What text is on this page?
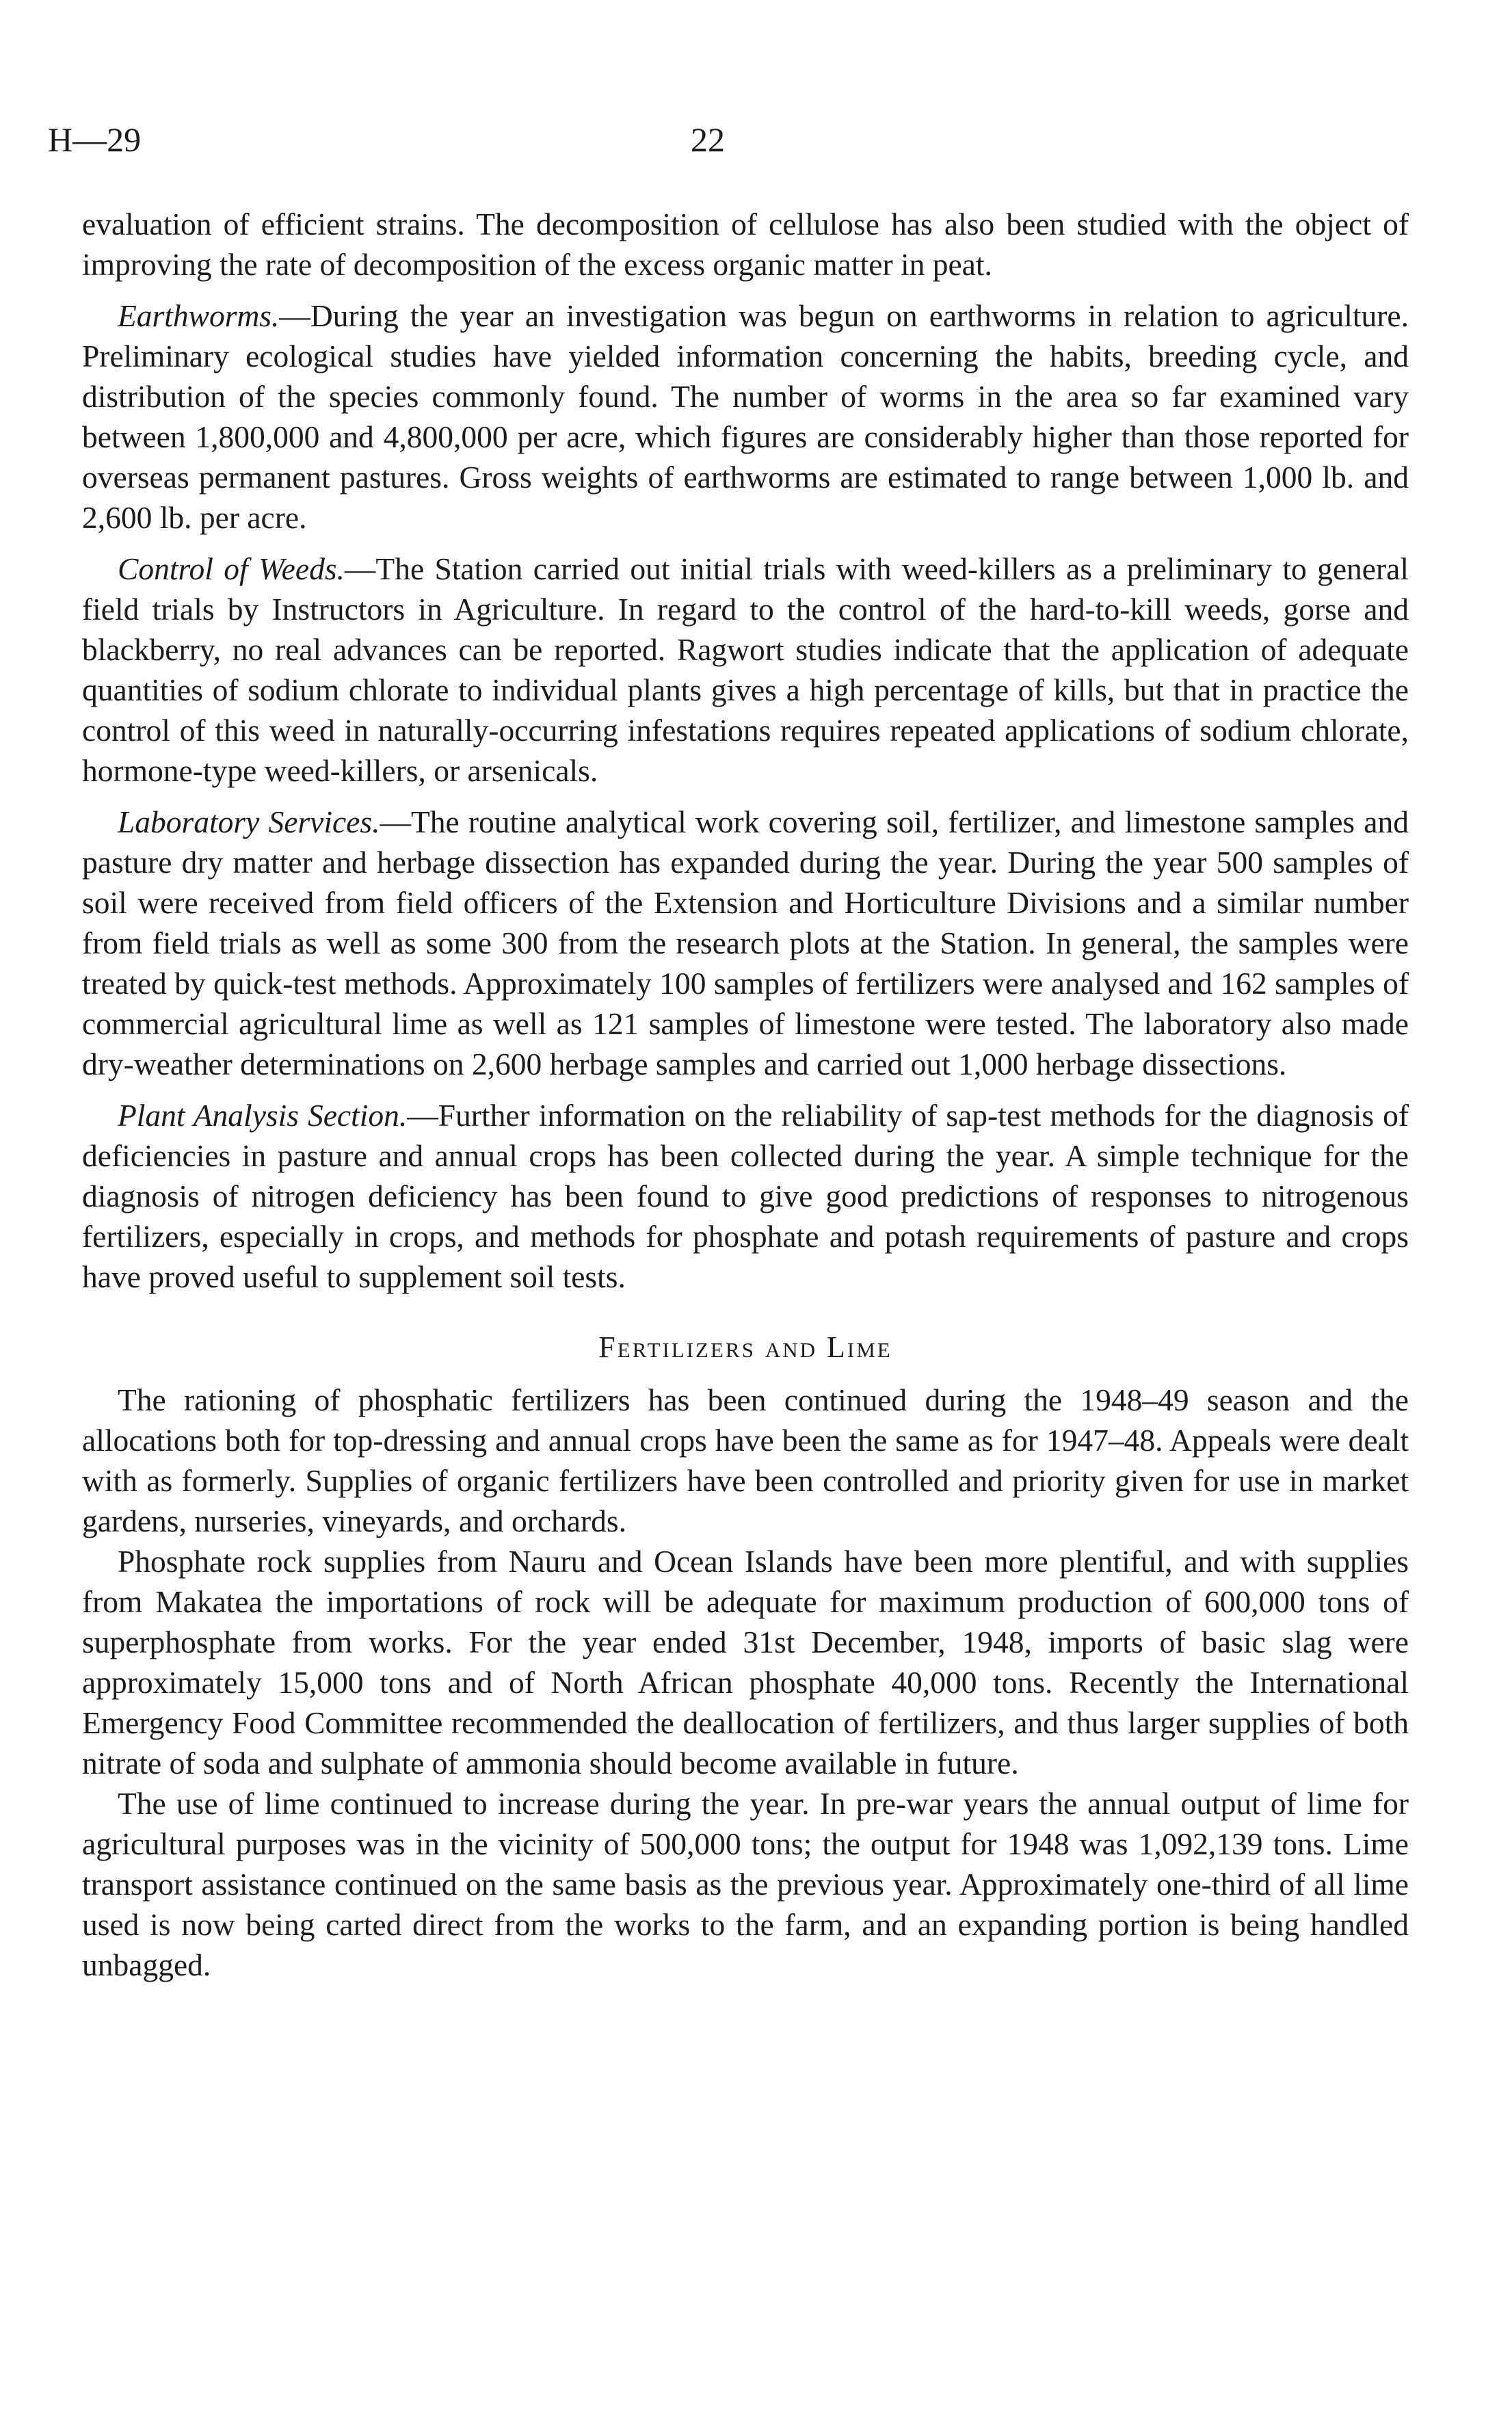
H—29	22

evaluation of efficient strains. The decomposition of cellulose has also been studied with the object of improving the rate of decomposition of the excess organic matter in peat.

Earthworms.—During the year an investigation was begun on earthworms in relation to agriculture. Preliminary ecological studies have yielded information concerning the habits, breeding cycle, and distribution of the species commonly found. The number of worms in the area so far examined vary between 1,800,000 and 4,800,000 per acre, which figures are considerably higher than those reported for overseas permanent pastures. Gross weights of earthworms are estimated to range between 1,000 lb. and 2,600 lb. per acre.

Control of Weeds.—The Station carried out initial trials with weed-killers as a preliminary to general field trials by Instructors in Agriculture. In regard to the control of the hard-to-kill weeds, gorse and blackberry, no real advances can be reported. Ragwort studies indicate that the application of adequate quantities of sodium chlorate to individual plants gives a high percentage of kills, but that in practice the control of this weed in naturally-occurring infestations requires repeated applications of sodium chlorate, hormone-type weed-killers, or arsenicals.

Laboratory Services.—The routine analytical work covering soil, fertilizer, and limestone samples and pasture dry matter and herbage dissection has expanded during the year. During the year 500 samples of soil were received from field officers of the Extension and Horticulture Divisions and a similar number from field trials as well as some 300 from the research plots at the Station. In general, the samples were treated by quick-test methods. Approximately 100 samples of fertilizers were analysed and 162 samples of commercial agricultural lime as well as 121 samples of limestone were tested. The laboratory also made dry-weather determinations on 2,600 herbage samples and carried out 1,000 herbage dissections.

Plant Analysis Section.—Further information on the reliability of sap-test methods for the diagnosis of deficiencies in pasture and annual crops has been collected during the year. A simple technique for the diagnosis of nitrogen deficiency has been found to give good predictions of responses to nitrogenous fertilizers, especially in crops, and methods for phosphate and potash requirements of pasture and crops have proved useful to supplement soil tests.

Fertilizers and Lime

The rationing of phosphatic fertilizers has been continued during the 1948–49 season and the allocations both for top-dressing and annual crops have been the same as for 1947–48. Appeals were dealt with as formerly. Supplies of organic fertilizers have been controlled and priority given for use in market gardens, nurseries, vineyards, and orchards.

Phosphate rock supplies from Nauru and Ocean Islands have been more plentiful, and with supplies from Makatea the importations of rock will be adequate for maximum production of 600,000 tons of superphosphate from works. For the year ended 31st December, 1948, imports of basic slag were approximately 15,000 tons and of North African phosphate 40,000 tons. Recently the International Emergency Food Committee recommended the deallocation of fertilizers, and thus larger supplies of both nitrate of soda and sulphate of ammonia should become available in future.

The use of lime continued to increase during the year. In pre-war years the annual output of lime for agricultural purposes was in the vicinity of 500,000 tons; the output for 1948 was 1,092,139 tons. Lime transport assistance continued on the same basis as the previous year. Approximately one-third of all lime used is now being carted direct from the works to the farm, and an expanding portion is being handled unbagged.
